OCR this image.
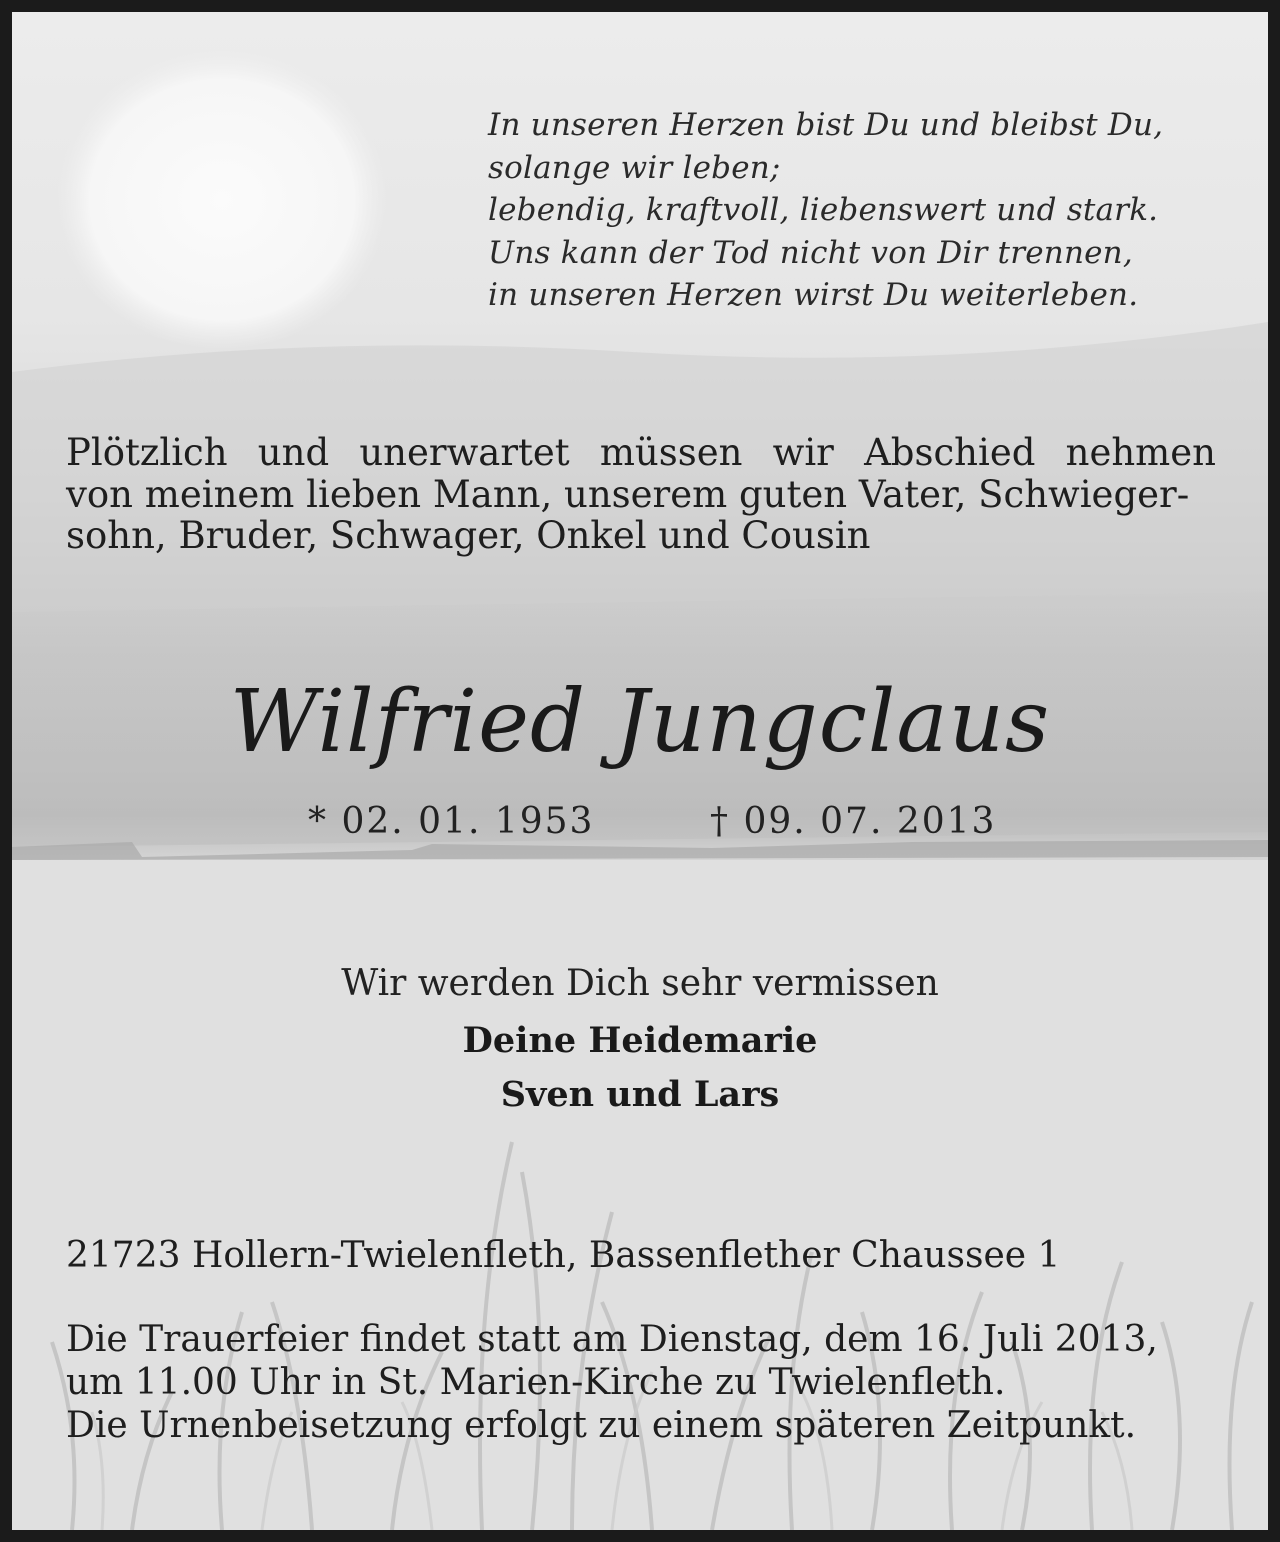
In unseren Herzen bist Du und bleibst Du,
solange wir leben;
lebendig, kraftvoll, liebenswert und stark.
Uns kann der Tod nicht von Dir trennen,
in unseren Herzen wirst Du weiterleben.
Plötzlich und unerwartet müssen wir Abschied nehmen
von meinem lieben Mann, unserem guten Vater, Schwieger-
sohn, Bruder, Schwager, Onkel und Cousin
Wilfried Jungclaus
* 02. 01. 1953	† 09. 07. 2013
Wir werden Dich sehr vermissen
Deine Heidemarie
Sven und Lars
21723 Hollern-Twielenfleth, Bassenflether Chaussee 1
Die Trauerfeier findet statt am Dienstag, dem 16. Juli 2013,
um 11.00 Uhr in St. Marien-Kirche zu Twielenfleth.
Die Urnenbeisetzung erfolgt zu einem späteren Zeitpunkt.
